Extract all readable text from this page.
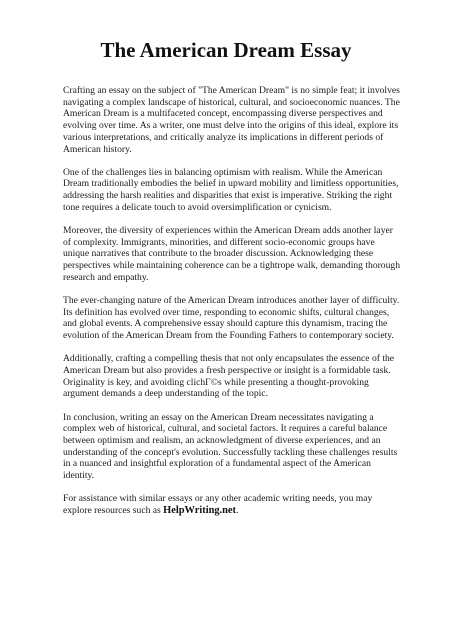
The American Dream Essay

Crafting an essay on the subject of "The American Dream" is no simple feat; it involves navigating a complex landscape of historical, cultural, and socioeconomic nuances. The American Dream is a multifaceted concept, encompassing diverse perspectives and evolving over time. As a writer, one must delve into the origins of this ideal, explore its various interpretations, and critically analyze its implications in different periods of American history.

One of the challenges lies in balancing optimism with realism. While the American Dream traditionally embodies the belief in upward mobility and limitless opportunities, addressing the harsh realities and disparities that exist is imperative. Striking the right tone requires a delicate touch to avoid oversimplification or cynicism.

Moreover, the diversity of experiences within the American Dream adds another layer of complexity. Immigrants, minorities, and different socio-economic groups have unique narratives that contribute to the broader discussion. Acknowledging these perspectives while maintaining coherence can be a tightrope walk, demanding thorough research and empathy.

The ever-changing nature of the American Dream introduces another layer of difficulty. Its definition has evolved over time, responding to economic shifts, cultural changes, and global events. A comprehensive essay should capture this dynamism, tracing the evolution of the American Dream from the Founding Fathers to contemporary society.

Additionally, crafting a compelling thesis that not only encapsulates the essence of the American Dream but also provides a fresh perspective or insight is a formidable task. Originality is key, and avoiding clichГ©s while presenting a thought-provoking argument demands a deep understanding of the topic.

In conclusion, writing an essay on the American Dream necessitates navigating a complex web of historical, cultural, and societal factors. It requires a careful balance between optimism and realism, an acknowledgment of diverse experiences, and an understanding of the concept's evolution. Successfully tackling these challenges results in a nuanced and insightful exploration of a fundamental aspect of the American identity.

For assistance with similar essays or any other academic writing needs, you may explore resources such as HelpWriting.net.
